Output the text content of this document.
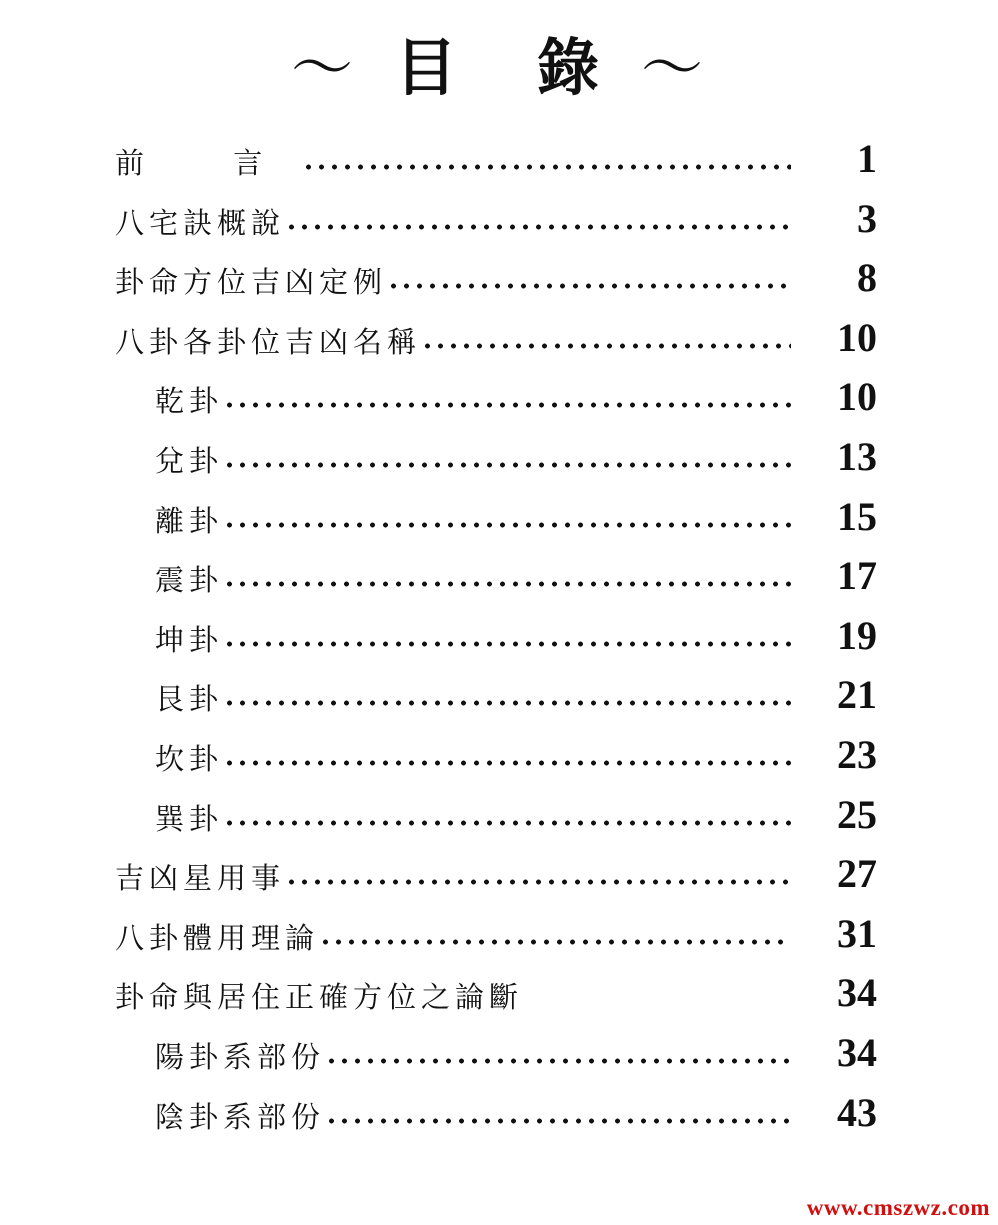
〜 目 錄 〜
前 言	1
八宅訣概說	3
卦命方位吉凶定例	8
八卦各卦位吉凶名稱	10
乾卦	10
兌卦	13
離卦	15
震卦	17
坤卦	19
艮卦	21
坎卦	23
巽卦	25
吉凶星用事	27
八卦體用理論	31
卦命與居住正確方位之論斷	34
陽卦系部份	34
陰卦系部份	43
www.cmszwz.com
